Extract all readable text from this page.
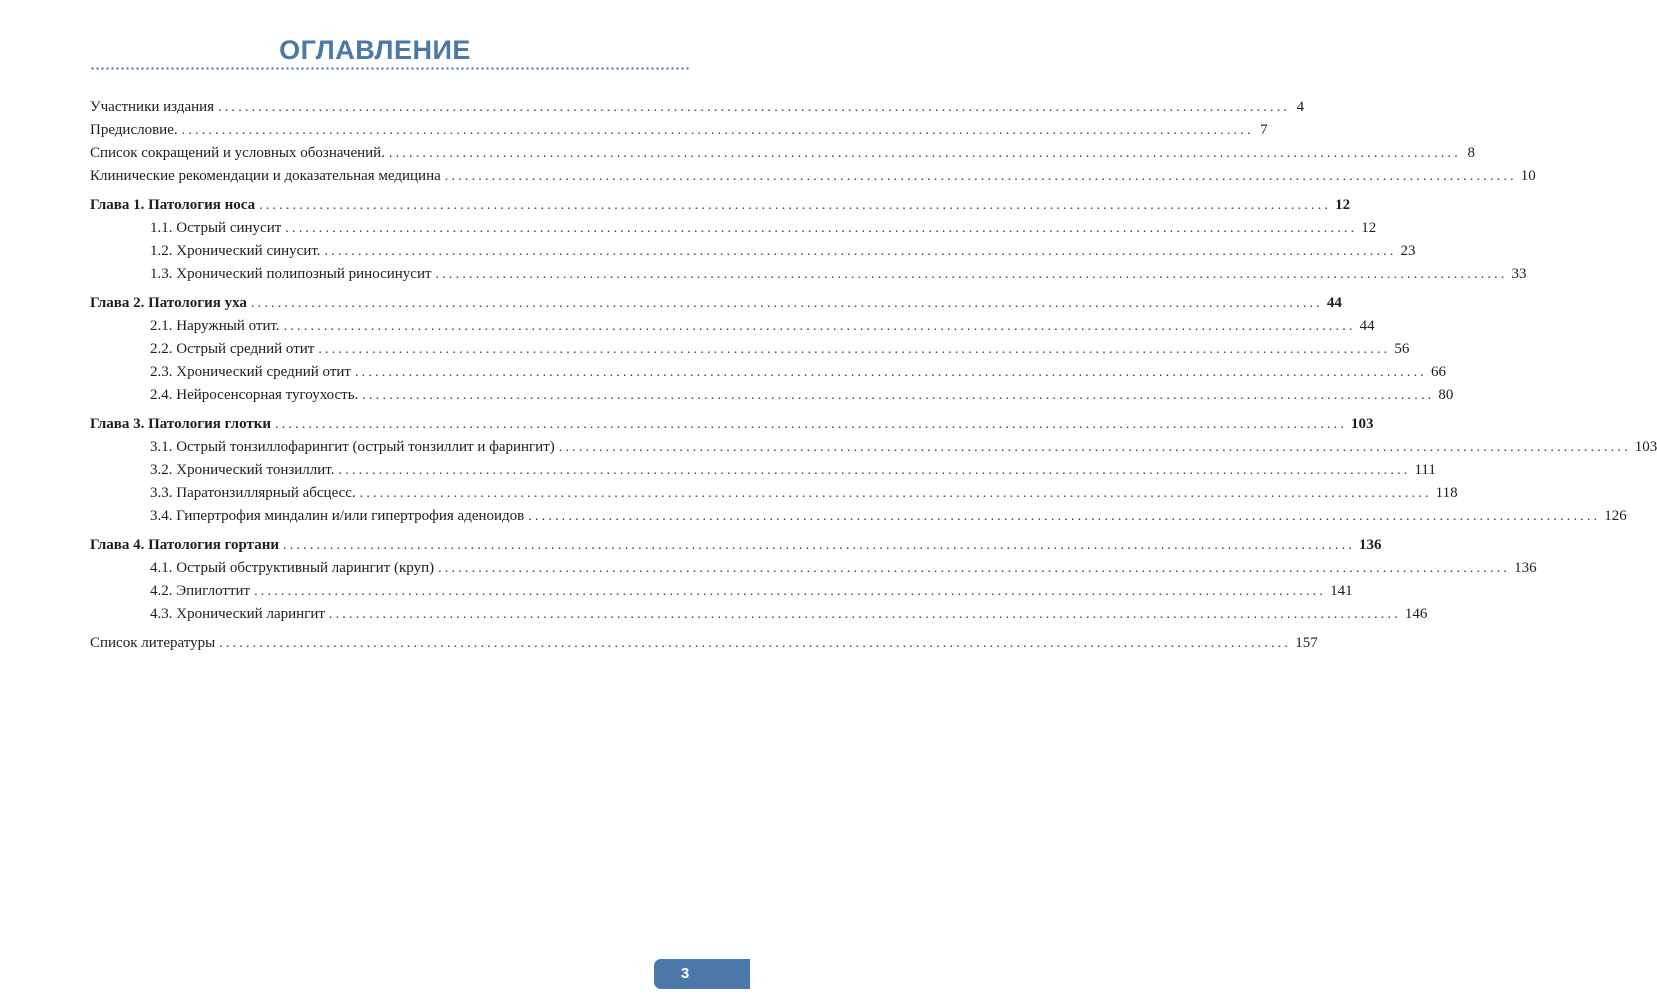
ОГЛАВЛЕНИЕ
Участники издания ................................................................................................................................................................ 4
Предисловие. ................................................................................................................................................................ 7
Список сокращений и условных обозначений. ................................................................................................................................................................ 8
Клинические рекомендации и доказательная медицина ................................................................................................................................................................ 10
Глава 1. Патология носа ................................................................................................................................................................ 12
1.1. Острый синусит ................................................................................................................................................................ 12
1.2. Хронический синусит. ................................................................................................................................................................ 23
1.3. Хронический полипозный риносинусит ................................................................................................................................................................ 33
Глава 2. Патология уха ................................................................................................................................................................ 44
2.1. Наружный отит. ................................................................................................................................................................ 44
2.2. Острый средний отит ................................................................................................................................................................ 56
2.3. Хронический средний отит ................................................................................................................................................................ 66
2.4. Нейросенсорная тугоухость. ................................................................................................................................................................ 80
Глава 3. Патология глотки ................................................................................................................................................................ 103
3.1. Острый тонзиллофарингит (острый тонзиллит и фарингит) ................................................................................................................................................................ 103
3.2. Хронический тонзиллит. ................................................................................................................................................................ 111
3.3. Паратонзиллярный абсцесс. ................................................................................................................................................................ 118
3.4. Гипертрофия миндалин и/или гипертрофия аденоидов ................................................................................................................................................................ 126
Глава 4. Патология гортани ................................................................................................................................................................ 136
4.1. Острый обструктивный ларингит (круп) ................................................................................................................................................................ 136
4.2. Эпиглоттит ................................................................................................................................................................ 141
4.3. Хронический ларингит ................................................................................................................................................................ 146
Список литературы ................................................................................................................................................................ 157
3
